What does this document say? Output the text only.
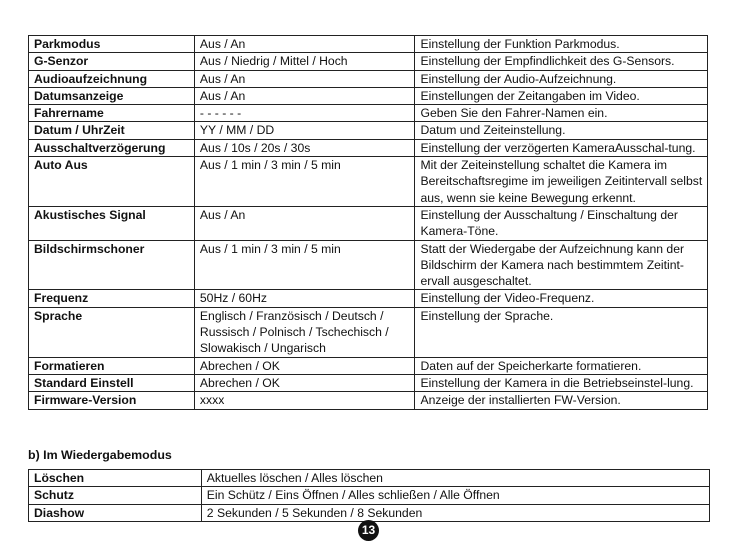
Parkmodus	Aus / An	Einstellung der Funktion Parkmodus.
G-Senzor	Aus / Niedrig / Mittel / Hoch	Einstellung der Empfindlichkeit des G-Sensors.
Audioaufzeichnung	Aus / An	Einstellung der Audio-Aufzeichnung.
Datumsanzeige	Aus / An	Einstellungen der Zeitangaben im Video.
Fahrername	- - - - - -	Geben Sie den Fahrer-Namen ein.
Datum / UhrZeit	YY / MM / DD	Datum und Zeiteinstellung.
Ausschaltverzögerung	Aus / 10s / 20s / 30s	Einstellung der verzögerten KameraAusschal-tung.
Auto Aus	Aus / 1 min / 3 min / 5 min	Mit der Zeiteinstellung schaltet die Kamera im Bereitschaftsregime im jeweiligen Zeitintervall selbst aus, wenn sie keine Bewegung erkennt.
Akustisches Signal	Aus / An	Einstellung der Ausschaltung / Einschaltung der Kamera-Töne.
Bildschirmschoner	Aus / 1 min / 3 min / 5 min	Statt der Wiedergabe der Aufzeichnung kann der Bildschirm der Kamera nach bestimmtem Zeitint-ervall ausgeschaltet.
Frequenz	50Hz / 60Hz	Einstellung der Video-Frequenz.
Sprache	Englisch / Französisch / Deutsch / Russisch / Polnisch / Tschechisch / Slowakisch / Ungarisch	Einstellung der Sprache.
Formatieren	Abrechen / OK	Daten auf der Speicherkarte formatieren.
Standard Einstell	Abrechen / OK	Einstellung der Kamera in die Betriebseinstel-lung.
Firmware-Version	xxxx	Anzeige der installierten FW-Version.
b) Im Wiedergabemodus
Löschen	Aktuelles löschen / Alles löschen
Schutz	Ein Schütz / Eins Öffnen / Alles schließen / Alle Öffnen
Diashow	2 Sekunden / 5 Sekunden / 8 Sekunden
13
